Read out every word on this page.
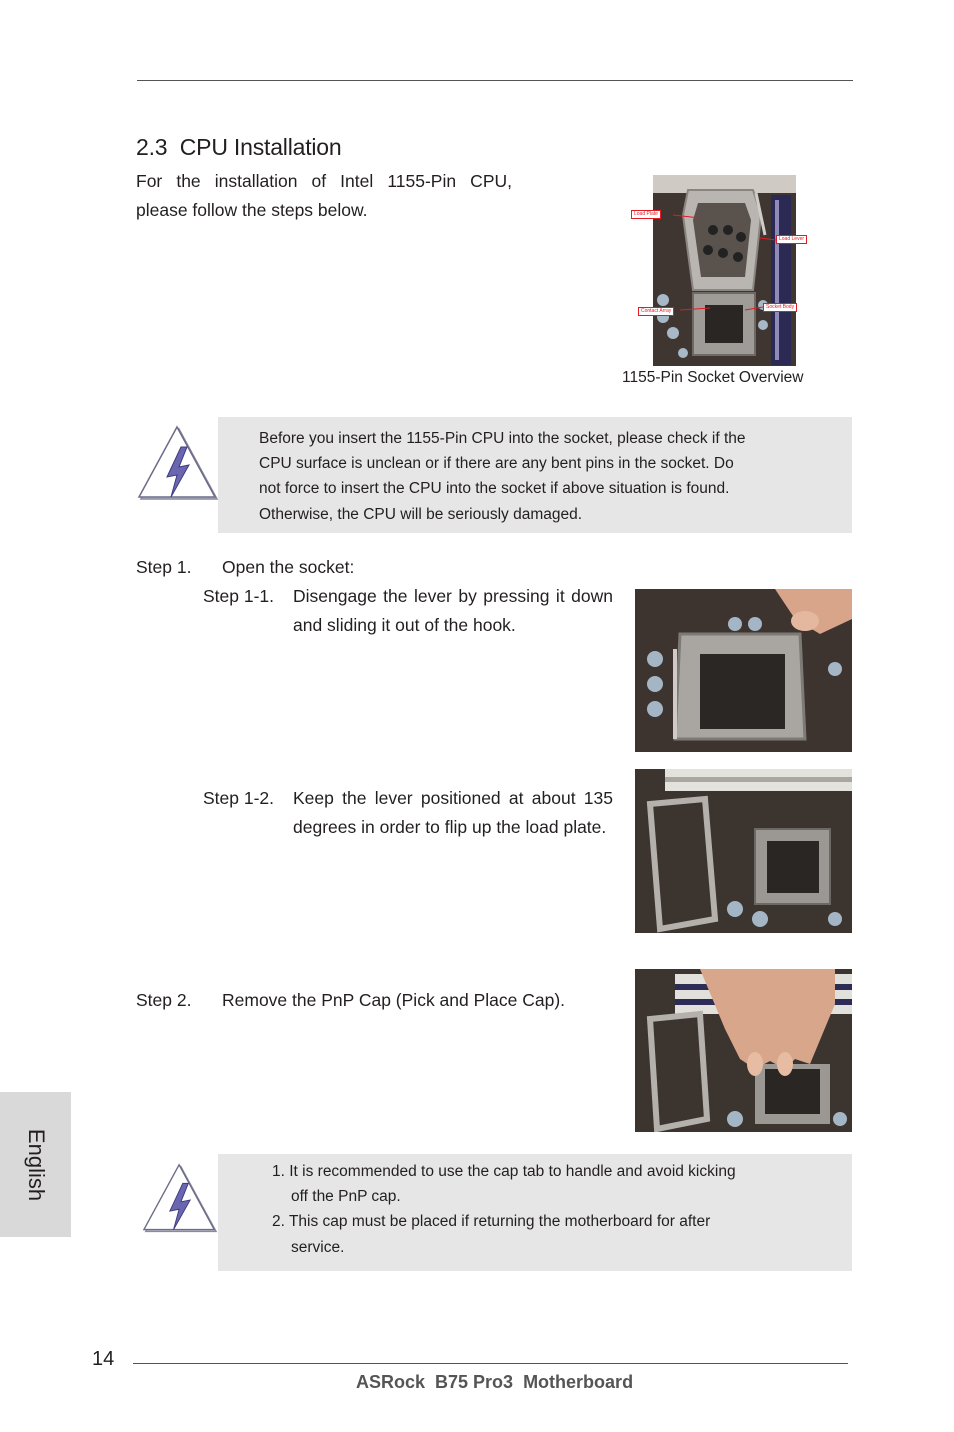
2.3 CPU Installation
For the installation of Intel 1155-Pin CPU,
please follow the steps below.	Load Plate
Load Lever
Contact Array
Socket Body
1155-Pin Socket Overview
Before you insert the 1155-Pin CPU into the socket, please check if the
CPU surface is unclean or if there are any bent pins in the socket. Do
not force to insert the CPU into the socket if above situation is found.
Otherwise, the CPU will be seriously damaged.
Step 1. Open the socket:
Step 1-1. Disengage the lever by pressing it down and sliding it out of the hook.
Step 1-2. Keep the lever positioned at about 135 degrees in order to flip up the load plate.
Step 2. Remove the PnP Cap (Pick and Place Cap).
1. It is recommended to use the cap tab to handle and avoid kicking
off the PnP cap.
2. This cap must be placed if returning the motherboard for after
service.
English
14
ASRock  B75 Pro3  Motherboard
